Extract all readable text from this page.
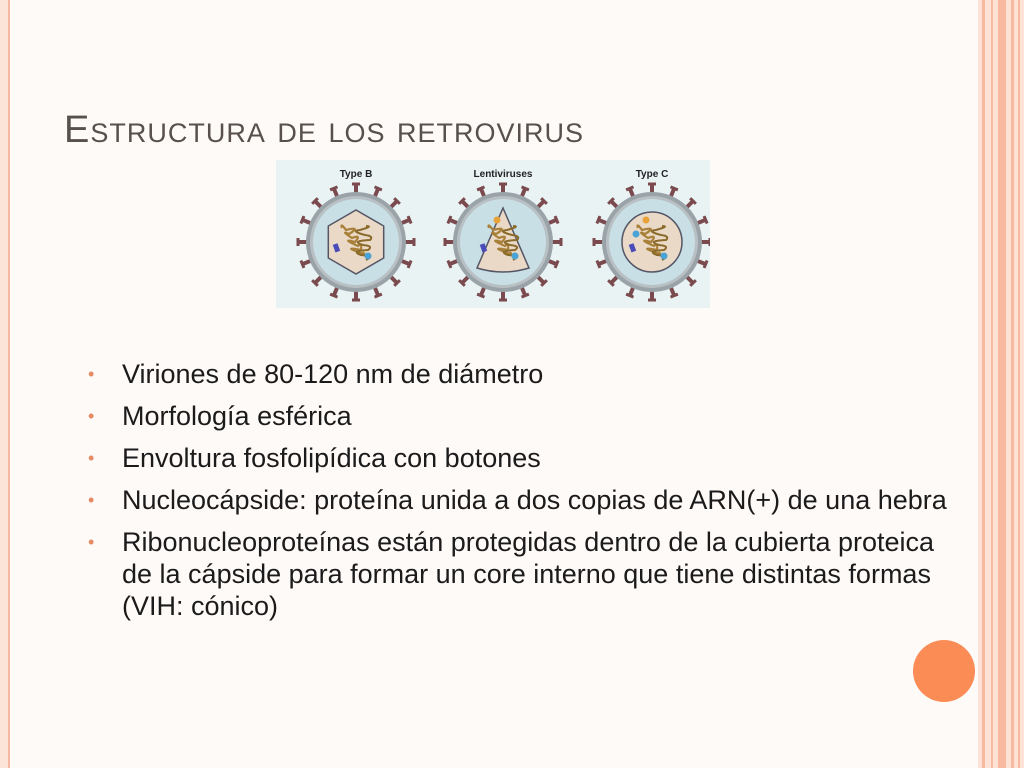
Estructura de los retrovirus
Type B	Lentiviruses	Type C
• Viriones de 80-120 nm de diámetro
• Morfología esférica
• Envoltura fosfolipídica con botones
• Nucleocápside: proteína unida a dos copias de ARN(+) de una hebra
• Ribonucleoproteínas están protegidas dentro de la cubierta proteica de la cápside para formar un core interno que tiene distintas formas (VIH: cónico)
